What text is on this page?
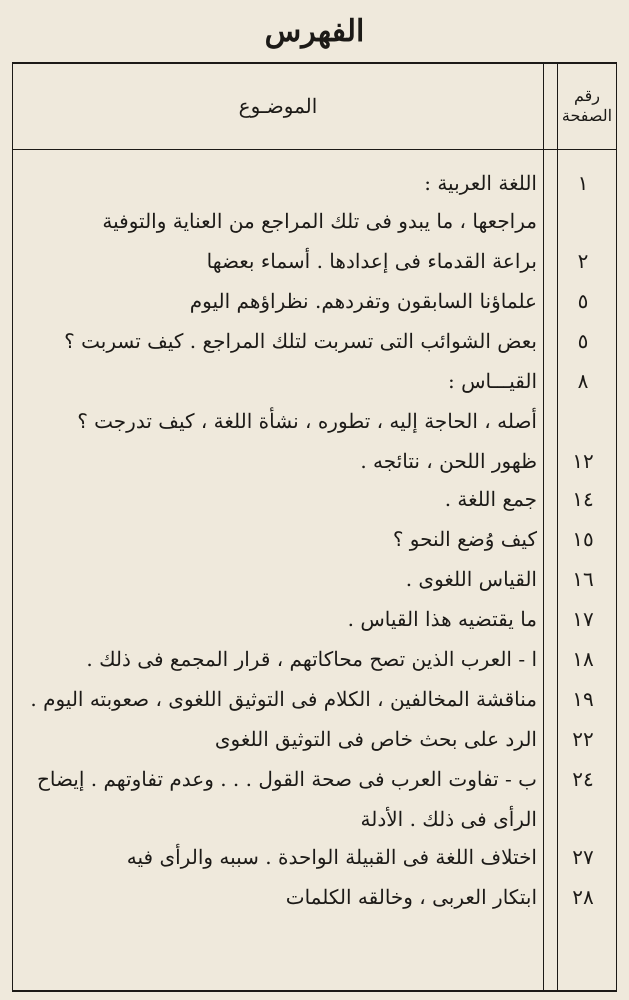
الفهرس
رقم
الصفحة
الموضـوع
١
اللغة العربية :
مراجعها ، ما يبدو فى تلك المراجع من العناية والتوفية
٢
براعة القدماء فى إعدادها . أسماء بعضها
٥
علماؤنا السابقون وتفردهم. نظراؤهم اليوم
٥
بعض الشوائب التى تسربت لتلك المراجع . كيف تسربت ؟
٨
القيـــاس :
أصله ، الحاجة إليه ، تطوره ، نشأة اللغة ، كيف تدرجت ؟
١٢
ظهور اللحن ، نتائجه .
١٤
جمع اللغة .
١٥
كيف وُضع النحو ؟
١٦
القياس اللغوى .
١٧
ما يقتضيه هذا القياس .
١٨
ا - العرب الذين تصح محاكاتهم ، قرار المجمع فى ذلك .
١٩
مناقشة المخالفين ، الكلام فى التوثيق اللغوى ، صعوبته اليوم .
٢٢
الرد على بحث خاص فى التوثيق اللغوى
٢٤
ب - تفاوت العرب فى صحة القول . . . وعدم تفاوتهم . إيضاح
الرأى فى ذلك . الأدلة
٢٧
اختلاف اللغة فى القبيلة الواحدة . سببه والرأى فيه
٢٨
ابتكار العربى ، وخالقه الكلمات
